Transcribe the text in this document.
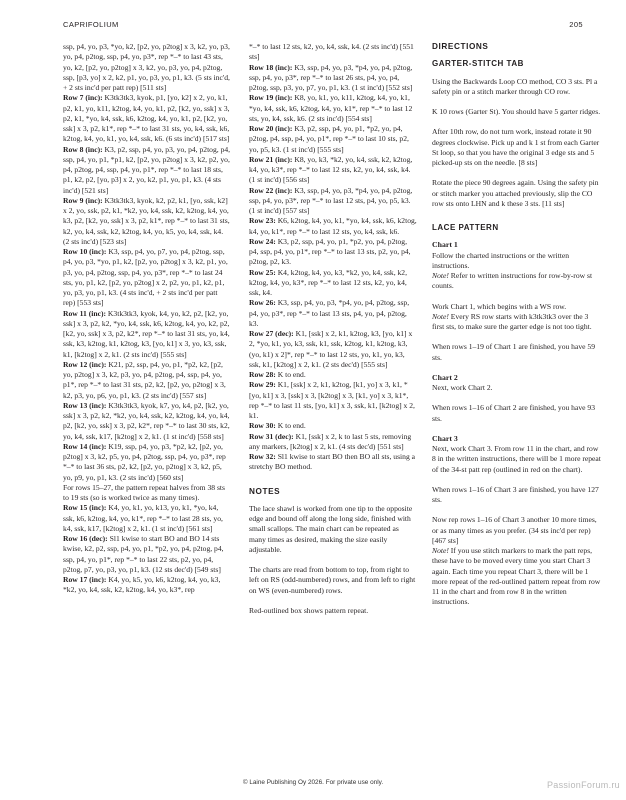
CAPRIFOLIUM	205

ssp, p4, yo, p3, *yo, k2, [p2, yo, p2tog] x 3, k2, yo, p3, yo, p4, p2tog, ssp, p4, yo, p3*, rep *–* to last 43 sts, yo, k2, [p2, yo, p2tog] x 3, k2, yo, p3, yo, p4, p2tog, ssp, [p3, yo] x 2, k2, p1, yo, p3, yo, p1, k3. (5 sts inc'd, + 2 sts inc'd per patt rep) [511 sts]

Row 7 (inc): K3tk3tk3, kyok, p1, [yo, k2] x 2, yo, k1, p2, k1, yo, k11, k2tog, k4, yo, k1, p2, [k2, yo, ssk] x 3, p2, k1, *yo, k4, ssk, k6, k2tog, k4, yo, k1, p2, [k2, yo, ssk] x 3, p2, k1*, rep *–* to last 31 sts, yo, k4, ssk, k6, k2tog, k4, yo, k1, yo, k4, ssk, k6. (6 sts inc'd) [517 sts]

Row 8 (inc): K3, p2, ssp, p4, yo, p3, yo, p4, p2tog, p4, ssp, p4, yo, p1, *p1, k2, [p2, yo, p2tog] x 3, k2, p2, yo, p4, p2tog, p4, ssp, p4, yo, p1*, rep *–* to last 18 sts, p1, k2, p2, [yo, p3] x 2, yo, k2, p1, yo, p1, k3. (4 sts inc'd) [521 sts]

Row 9 (inc): K3tk3tk3, kyok, k2, p2, k1, [yo, ssk, k2] x 2, yo, ssk, p2, k1, *k2, yo, k4, ssk, k2, k2tog, k4, yo, k3, p2, [k2, yo, ssk] x 3, p2, k1*, rep *–* to last 31 sts, k2, yo, k4, ssk, k2, k2tog, k4, yo, k5, yo, k4, ssk, k4. (2 sts inc'd) [523 sts]

Row 10 (inc): K3, ssp, p4, yo, p7, yo, p4, p2tog, ssp, p4, yo, p3, *yo, p1, k2, [p2, yo, p2tog] x 3, k2, p1, yo, p3, yo, p4, p2tog, ssp, p4, yo, p3*, rep *–* to last 24 sts, yo, p1, k2, [p2, yo, p2tog] x 2, p2, yo, p1, k2, p1, yo, p3, yo, p1, k3. (4 sts inc'd, + 2 sts inc'd per patt rep) [553 sts]

Row 11 (inc): K3tk3tk3, kyok, k4, yo, k2, p2, [k2, yo, ssk] x 3, p2, k2, *yo, k4, ssk, k6, k2tog, k4, yo, k2, p2, [k2, yo, ssk] x 3, p2, k2*, rep *–* to last 31 sts, yo, k4, ssk, k3, k2tog, k1, k2tog, k3, [yo, k1] x 3, yo, k3, ssk, k1, [k2tog] x 2, k1. (2 sts inc'd) [555 sts]

Row 12 (inc): K21, p2, ssp, p4, yo, p1, *p2, k2, [p2, yo, p2tog] x 3, k2, p3, yo, p4, p2tog, p4, ssp, p4, yo, p1*, rep *–* to last 31 sts, p2, k2, [p2, yo, p2tog] x 3, k2, p3, yo, p6, yo, p1, k3. (2 sts inc'd) [557 sts]

Row 13 (inc): K3tk3tk3, kyok, k7, yo, k4, p2, [k2, yo, ssk] x 3, p2, k2, *k2, yo, k4, ssk, k2, k2tog, k4, yo, k4, p2, [k2, yo, ssk] x 3, p2, k2*, rep *–* to last 30 sts, k2, yo, k4, ssk, k17, [k2tog] x 2, k1. (1 st inc'd) [558 sts]

Row 14 (inc): K19, ssp, p4, yo, p3, *p2, k2, [p2, yo, p2tog] x 3, k2, p5, yo, p4, p2tog, ssp, p4, yo, p3*, rep *–* to last 36 sts, p2, k2, [p2, yo, p2tog] x 3, k2, p5, yo, p9, yo, p1, k3. (2 sts inc'd) [560 sts]

For rows 15–27, the pattern repeat halves from 38 sts to 19 sts (so is worked twice as many times).

Row 15 (inc): K4, yo, k1, yo, k13, yo, k1, *yo, k4, ssk, k6, k2tog, k4, yo, k1*, rep *–* to last 28 sts, yo, k4, ssk, k17, [k2tog] x 2, k1. (1 st inc'd) [561 sts]

Row 16 (dec): Sl1 kwise to start BO and BO 14 sts kwise, k2, p2, ssp, p4, yo, p1, *p2, yo, p4, p2tog, p4, ssp, p4, yo, p1*, rep *–* to last 22 sts, p2, yo, p4, p2tog, p7, yo, p3, yo, p1, k3. (12 sts dec'd) [549 sts]

Row 17 (inc): K4, yo, k5, yo, k6, k2tog, k4, yo, k3, *k2, yo, k4, ssk, k2, k2tog, k4, yo, k3*, rep

*–* to last 12 sts, k2, yo, k4, ssk, k4. (2 sts inc'd) [551 sts]

Row 18 (inc): K3, ssp, p4, yo, p3, *p4, yo, p4, p2tog, ssp, p4, yo, p3*, rep *–* to last 26 sts, p4, yo, p4, p2tog, ssp, p3, yo, p7, yo, p1, k3. (1 st inc'd) [552 sts]

Row 19 (inc): K8, yo, k1, yo, k11, k2tog, k4, yo, k1, *yo, k4, ssk, k6, k2tog, k4, yo, k1*, rep *–* to last 12 sts, yo, k4, ssk, k6. (2 sts inc'd) [554 sts]

Row 20 (inc): K3, p2, ssp, p4, yo, p1, *p2, yo, p4, p2tog, p4, ssp, p4, yo, p1*, rep *–* to last 10 sts, p2, yo, p5, k3. (1 st inc'd) [555 sts]

Row 21 (inc): K8, yo, k3, *k2, yo, k4, ssk, k2, k2tog, k4, yo, k3*, rep *–* to last 12 sts, k2, yo, k4, ssk, k4. (1 st inc'd) [556 sts]

Row 22 (inc): K3, ssp, p4, yo, p3, *p4, yo, p4, p2tog, ssp, p4, yo, p3*, rep *–* to last 12 sts, p4, yo, p5, k3. (1 st inc'd) [557 sts]

Row 23: K6, k2tog, k4, yo, k1, *yo, k4, ssk, k6, k2tog, k4, yo, k1*, rep *–* to last 12 sts, yo, k4, ssk, k6.

Row 24: K3, p2, ssp, p4, yo, p1, *p2, yo, p4, p2tog, p4, ssp, p4, yo, p1*, rep *–* to last 13 sts, p2, yo, p4, p2tog, p2, k3.

Row 25: K4, k2tog, k4, yo, k3, *k2, yo, k4, ssk, k2, k2tog, k4, yo, k3*, rep *–* to last 12 sts, k2, yo, k4, ssk, k4.

Row 26: K3, ssp, p4, yo, p3, *p4, yo, p4, p2tog, ssp, p4, yo, p3*, rep *–* to last 13 sts, p4, yo, p4, p2tog, k3.

Row 27 (dec): K1, [ssk] x 2, k1, k2tog, k3, [yo, k1] x 2, *yo, k1, yo, k3, ssk, k1, ssk, k2tog, k1, k2tog, k3, (yo, k1) x 2]*, rep *–* to last 12 sts, yo, k1, yo, k3, ssk, k1, [k2tog] x 2, k1. (2 sts dec'd) [555 sts]

Row 28: K to end.

Row 29: K1, [ssk] x 2, k1, k2tog, [k1, yo] x 3, k1, *[yo, k1] x 3, [ssk] x 3, [k2tog] x 3, [k1, yo] x 3, k1*, rep *–* to last 11 sts, [yo, k1] x 3, ssk, k1, [k2tog] x 2, k1.

Row 30: K to end.

Row 31 (dec): K1, [ssk] x 2, k to last 5 sts, removing any markers, [k2tog] x 2, k1. (4 sts dec'd) [551 sts]

Row 32: Sl1 kwise to start BO then BO all sts, using a stretchy BO method.

NOTES

The lace shawl is worked from one tip to the opposite edge and bound off along the long side, finished with small scallops. The main chart can be repeated as many times as desired, making the size easily adjustable.

The charts are read from bottom to top, from right to left on RS (odd-numbered) rows, and from left to right on WS (even-numbered) rows.

Red-outlined box shows pattern repeat.

DIRECTIONS
GARTER-STITCH TAB

Using the Backwards Loop CO method, CO 3 sts. Pl a safety pin or a stitch marker through CO row.

K 10 rows (Garter St). You should have 5 garter ridges.

After 10th row, do not turn work, instead rotate it 90 degrees clockwise. Pick up and k 1 st from each Garter St loop, so that you have the original 3 edge sts and 5 picked-up sts on the needle. [8 sts]

Rotate the piece 90 degrees again. Using the safety pin or stitch marker you attached previously, slip the CO row sts onto LHN and k these 3 sts. [11 sts]

LACE PATTERN

Chart 1

Follow the charted instructions or the written instructions.

Note! Refer to written instructions for row-by-row st counts.

Work Chart 1, which begins with a WS row.

Note! Every RS row starts with k3tk3tk3 over the 3 first sts, to make sure the garter edge is not too tight.

When rows 1–19 of Chart 1 are finished, you have 59 sts.

Chart 2

Next, work Chart 2.

When rows 1–16 of Chart 2 are finished, you have 93 sts.

Chart 3

Next, work Chart 3. From row 11 in the chart, and row 8 in the written instructions, there will be 1 more repeat of the 34-st patt rep (outlined in red on the chart).

When rows 1–16 of Chart 3 are finished, you have 127 sts.

Now rep rows 1–16 of Chart 3 another 10 more times, or as many times as you prefer. (34 sts inc'd per rep) [467 sts]

Note! If you use stitch markers to mark the patt reps, these have to be moved every time you start Chart 3 again. Each time you repeat Chart 3, there will be 1 more repeat of the red-outlined pattern repeat from row 11 in the chart and from row 8 in the written instructions.

© Laine Publishing Oy 2026. For private use only.	PassionForum.ru
